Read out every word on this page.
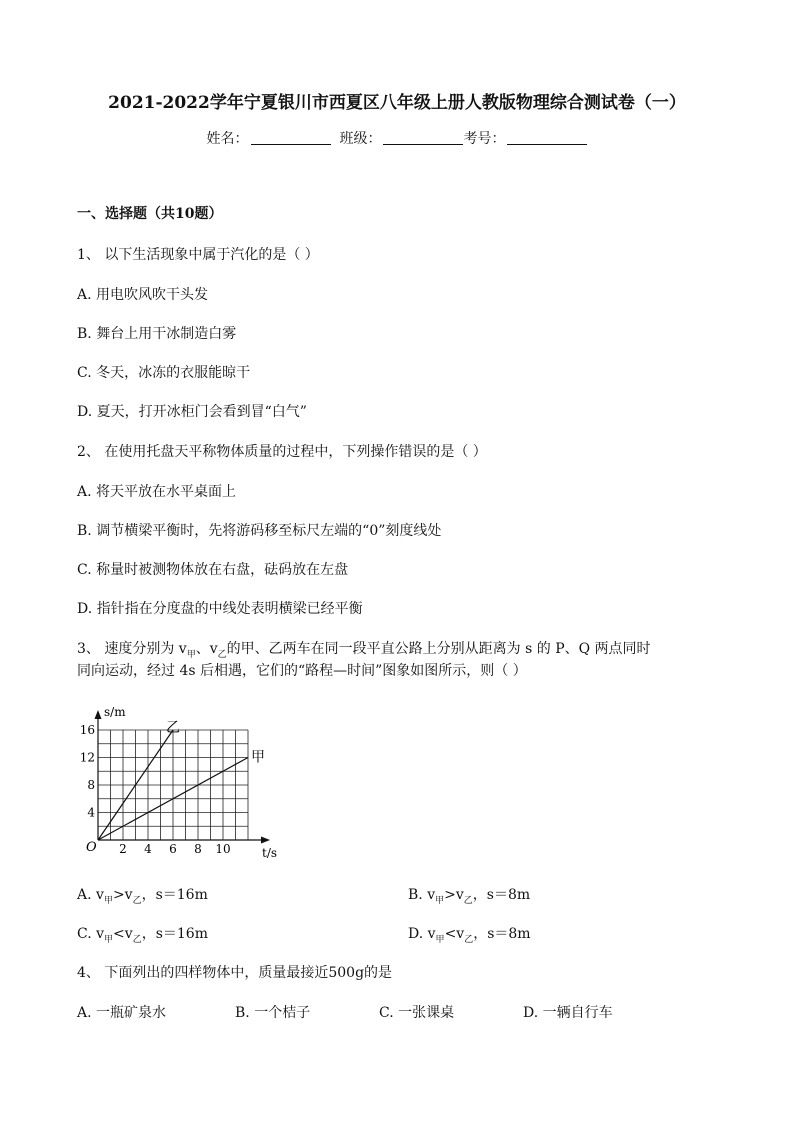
2021-2022学年宁夏银川市西夏区八年级上册人教版物理综合测试卷（一）
姓名：	班级：	考号：
一、选择题（共10题）
1、 以下生活现象中属于汽化的是（ ）
A. 用电吹风吹干头发
B. 舞台上用干冰制造白雾
C. 冬天，冰冻的衣服能晾干
D. 夏天，打开冰柜门会看到冒“白气”
2、 在使用托盘天平称物体质量的过程中，下列操作错误的是（ ）
A. 将天平放在水平桌面上
B. 调节横梁平衡时，先将游码移至标尺左端的“0”刻度线处
C. 称量时被测物体放在右盘，砝码放在左盘
D. 指针指在分度盘的中线处表明横梁已经平衡
3、 速度分别为 $v_甲$、$v_乙$的甲、乙两车在同一段平直公路上分别从距离为 s 的 P、Q 两点同时
同向运动，经过 4s 后相遇，它们的“路程—时间”图象如图所示，则（ ）
2 4 6 8 10
4
8
12
16
s/m
t/s
O
乙
甲
A. $v_甲>v_乙$，s＝16m	B. $v_甲>v_乙$，s＝8m
C. $v_甲<v_乙$，s＝16m	D. $v_甲<v_乙$，s＝8m
4、 下面列出的四样物体中，质量最接近500g的是
A. 一瓶矿泉水	B. 一个桔子	C. 一张课桌	D. 一辆自行车
